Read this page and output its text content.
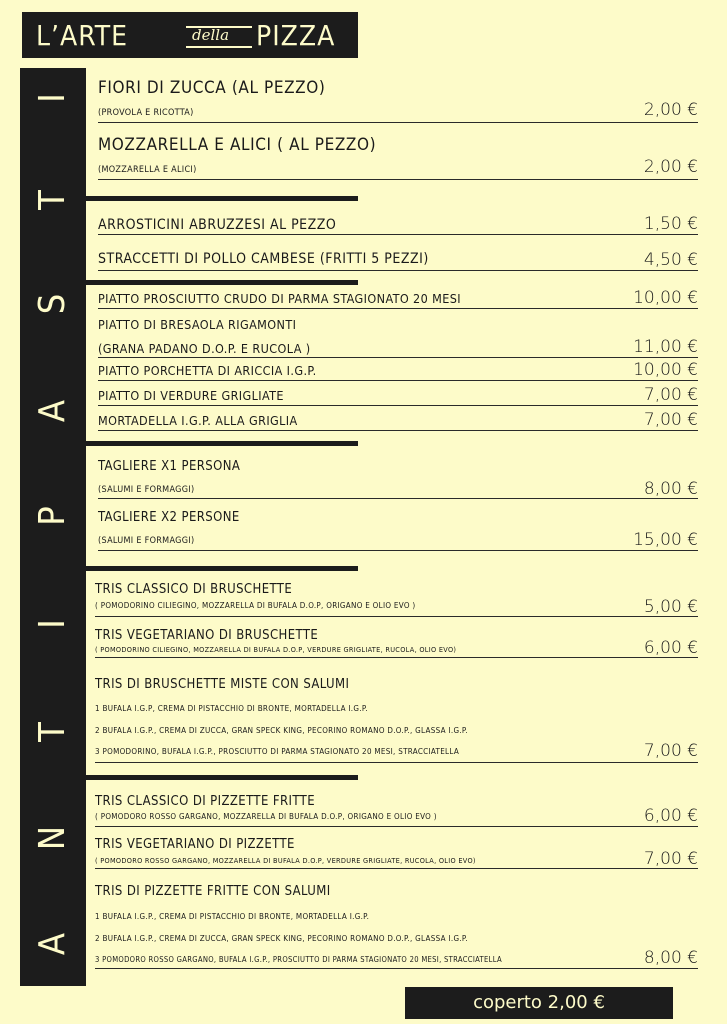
L’ARTE	della PIZZA
A
N
T
I
P
A
S
T
I
FIORI DI ZUCCA (AL PEZZO)
(PROVOLA E RICOTTA)	2,00 €
MOZZARELLA E ALICI ( AL PEZZO)
(MOZZARELLA E ALICI)	2,00 €
ARROSTICINI ABRUZZESI AL PEZZO	1,50 €
STRACCETTI DI POLLO CAMBESE (FRITTI 5 PEZZI)	4,50 €
PIATTO PROSCIUTTO CRUDO DI PARMA STAGIONATO 20 MESI	10,00 €
PIATTO DI BRESAOLA RIGAMONTI
(GRANA PADANO D.O.P. E RUCOLA )	11,00 €
PIATTO PORCHETTA DI ARICCIA I.G.P.	10,00 €
PIATTO DI VERDURE GRIGLIATE	7,00 €
MORTADELLA I.G.P. ALLA GRIGLIA	7,00 €
TAGLIERE X1 PERSONA
(SALUMI E FORMAGGI)	8,00 €
TAGLIERE X2 PERSONE
(SALUMI E FORMAGGI)	15,00 €
TRIS CLASSICO DI BRUSCHETTE
( POMODORINO CILIEGINO, MOZZARELLA DI BUFALA D.O.P, ORIGANO E OLIO EVO )	5,00 €
TRIS VEGETARIANO DI BRUSCHETTE
( POMODORINO CILIEGINO, MOZZARELLA DI BUFALA D.O.P, VERDURE GRIGLIATE, RUCOLA, OLIO EVO)	6,00 €
TRIS DI BRUSCHETTE MISTE CON SALUMI
1 BUFALA I.G.P, CREMA DI PISTACCHIO DI BRONTE, MORTADELLA I.G.P.
2 BUFALA I.G.P., CREMA DI ZUCCA, GRAN SPECK KING, PECORINO ROMANO D.O.P., GLASSA I.G.P.
3 POMODORINO, BUFALA I.G.P., PROSCIUTTO DI PARMA STAGIONATO 20 MESI, STRACCIATELLA	7,00 €
TRIS CLASSICO DI PIZZETTE FRITTE
( POMODORO ROSSO GARGANO, MOZZARELLA DI BUFALA D.O.P, ORIGANO E OLIO EVO )	6,00 €
TRIS VEGETARIANO DI PIZZETTE
( POMODORO ROSSO GARGANO, MOZZARELLA DI BUFALA D.O.P, VERDURE GRIGLIATE, RUCOLA, OLIO EVO)	7,00 €
TRIS DI PIZZETTE FRITTE CON SALUMI
1 BUFALA I.G.P., CREMA DI PISTACCHIO DI BRONTE, MORTADELLA I.G.P.
2 BUFALA I.G.P., CREMA DI ZUCCA, GRAN SPECK KING, PECORINO ROMANO D.O.P., GLASSA I.G.P.
3 POMODORO ROSSO GARGANO, BUFALA I.G.P., PROSCIUTTO DI PARMA STAGIONATO 20 MESI, STRACCIATELLA	8,00 €
coperto 2,00 €
